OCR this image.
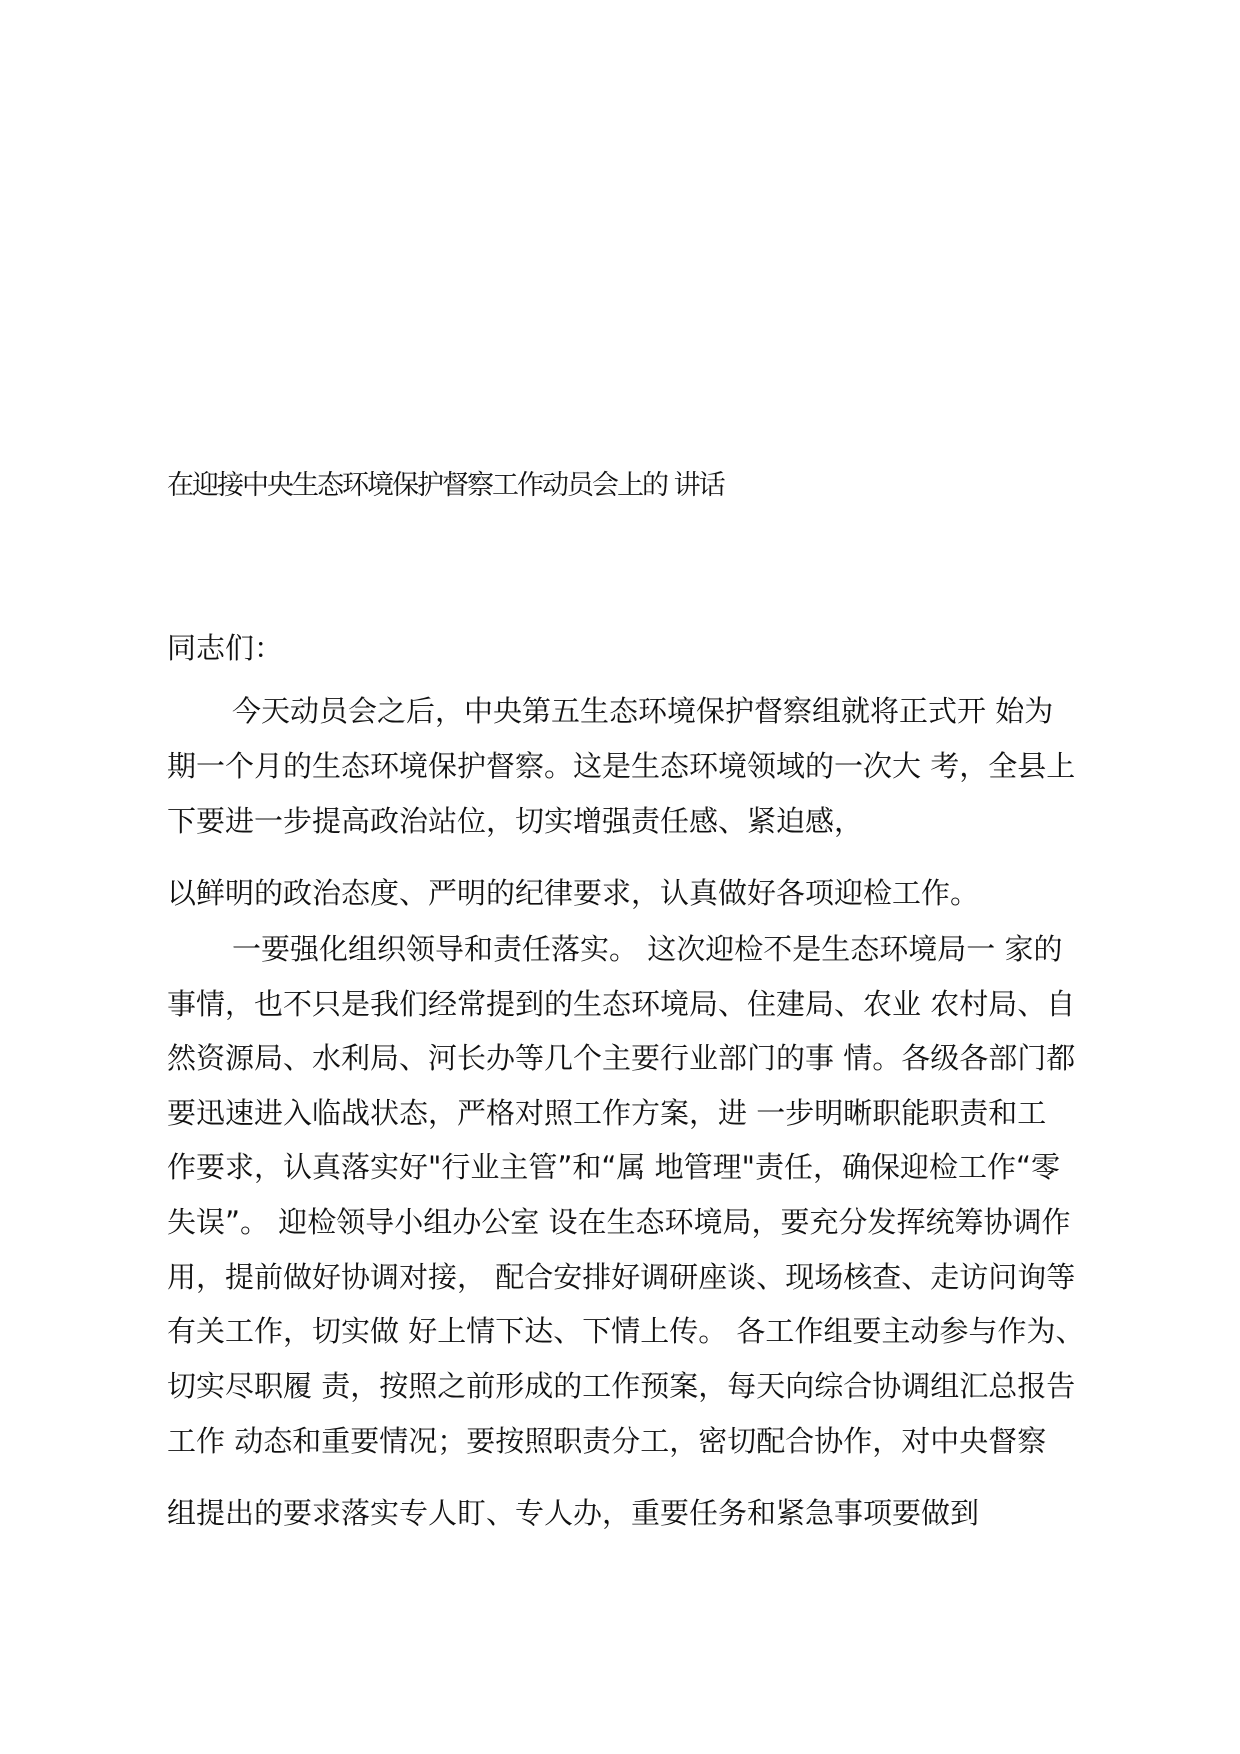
在迎接中央生态环境保护督察工作动员会上的 讲话
同志们：
今天动员会之后，中央第五生态环境保护督察组就将正式开 始为
期一个月的生态环境保护督察。这是生态环境领域的一次大 考，全县上
下要进一步提高政治站位，切实增强责任感、紧迫感，
以鲜明的政治态度、严明的纪律要求，认真做好各项迎检工作。
一要强化组织领导和责任落实。 这次迎检不是生态环境局一 家的
事情，也不只是我们经常提到的生态环境局、住建局、农业 农村局、自
然资源局、水利局、河长办等几个主要行业部门的事 情。各级各部门都
要迅速进入临战状态，严格对照工作方案，进 一步明晰职能职责和工
作要求，认真落实好"行业主管”和“属 地管理"责任，确保迎检工作“零
失误”。 迎检领导小组办公室 设在生态环境局，要充分发挥统筹协调作
用，提前做好协调对接， 配合安排好调研座谈、现场核查、走访问询等
有关工作，切实做 好上情下达、下情上传。 各工作组要主动参与作为、
切实尽职履 责，按照之前形成的工作预案，每天向综合协调组汇总报告
工作 动态和重要情况；要按照职责分工，密切配合协作，对中央督察
组提出的要求落实专人盯、专人办，重要任务和紧急事项要做到
